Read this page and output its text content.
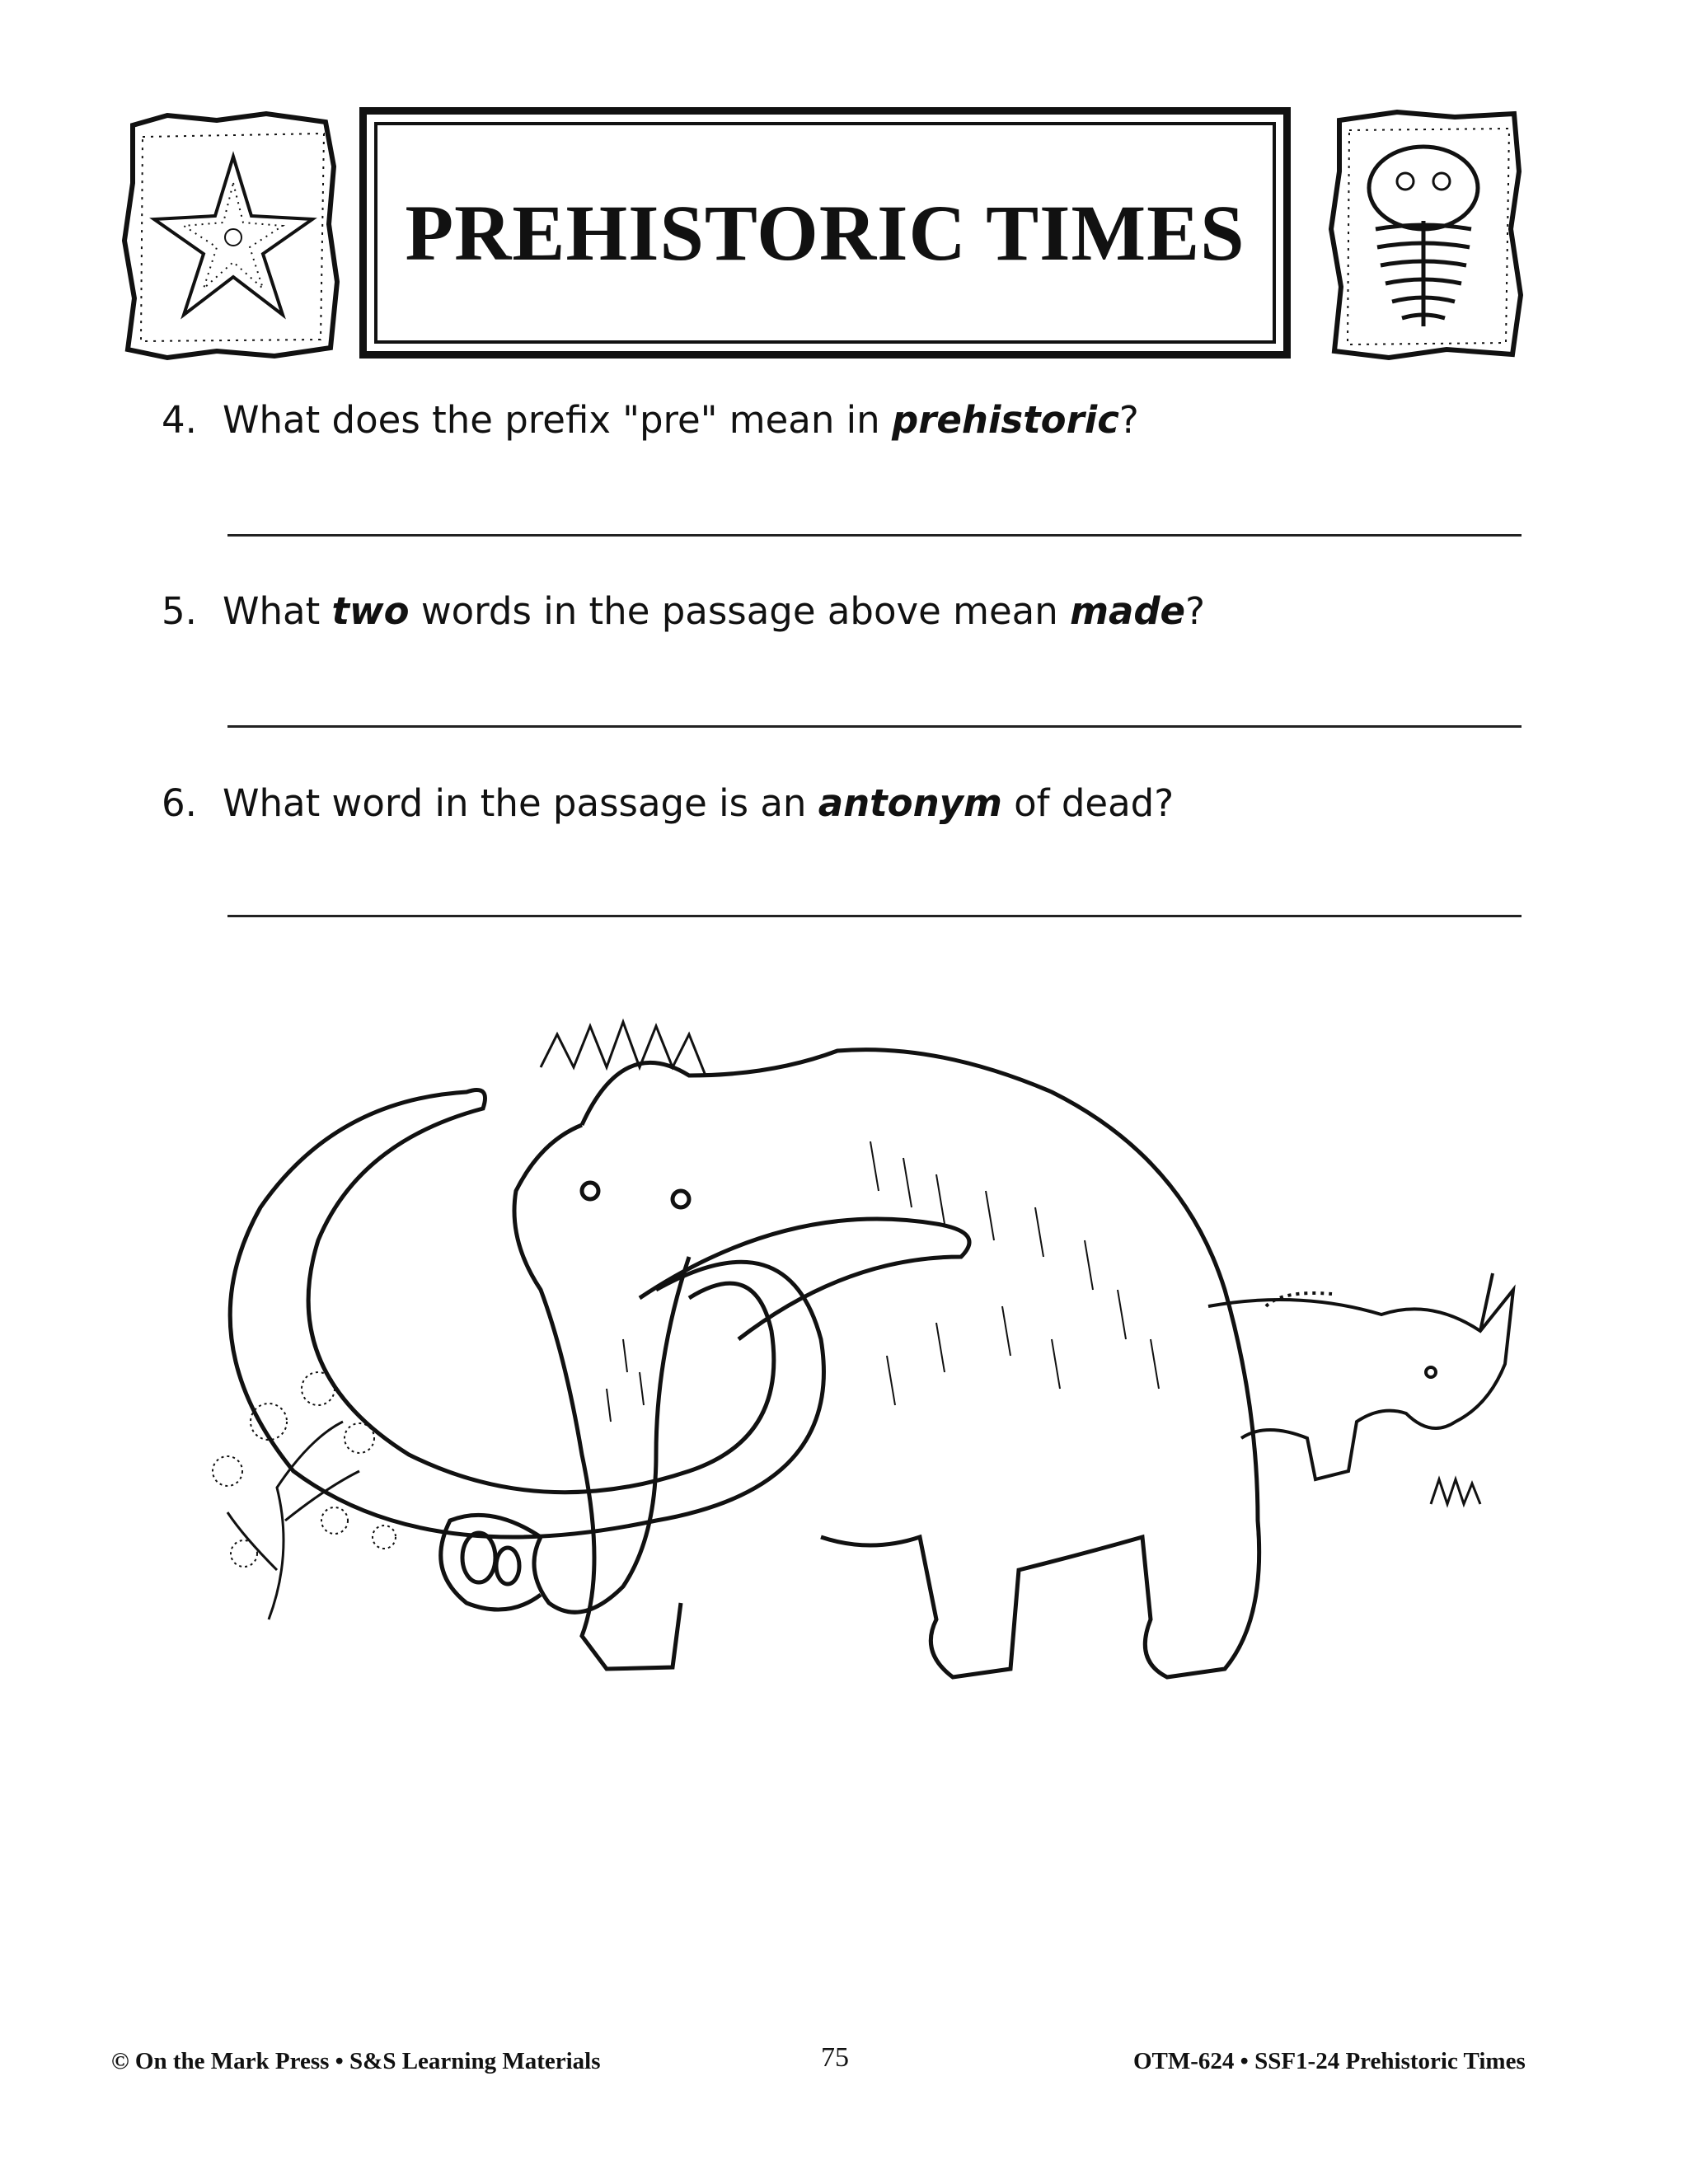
PREHISTORIC TIMES
4. What does the prefix "pre" mean in prehistoric?
5. What two words in the passage above mean made?
6. What word in the passage is an antonym of dead?
© On the Mark Press • S&S Learning Materials	75	OTM-624 • SSF1-24 Prehistoric Times
